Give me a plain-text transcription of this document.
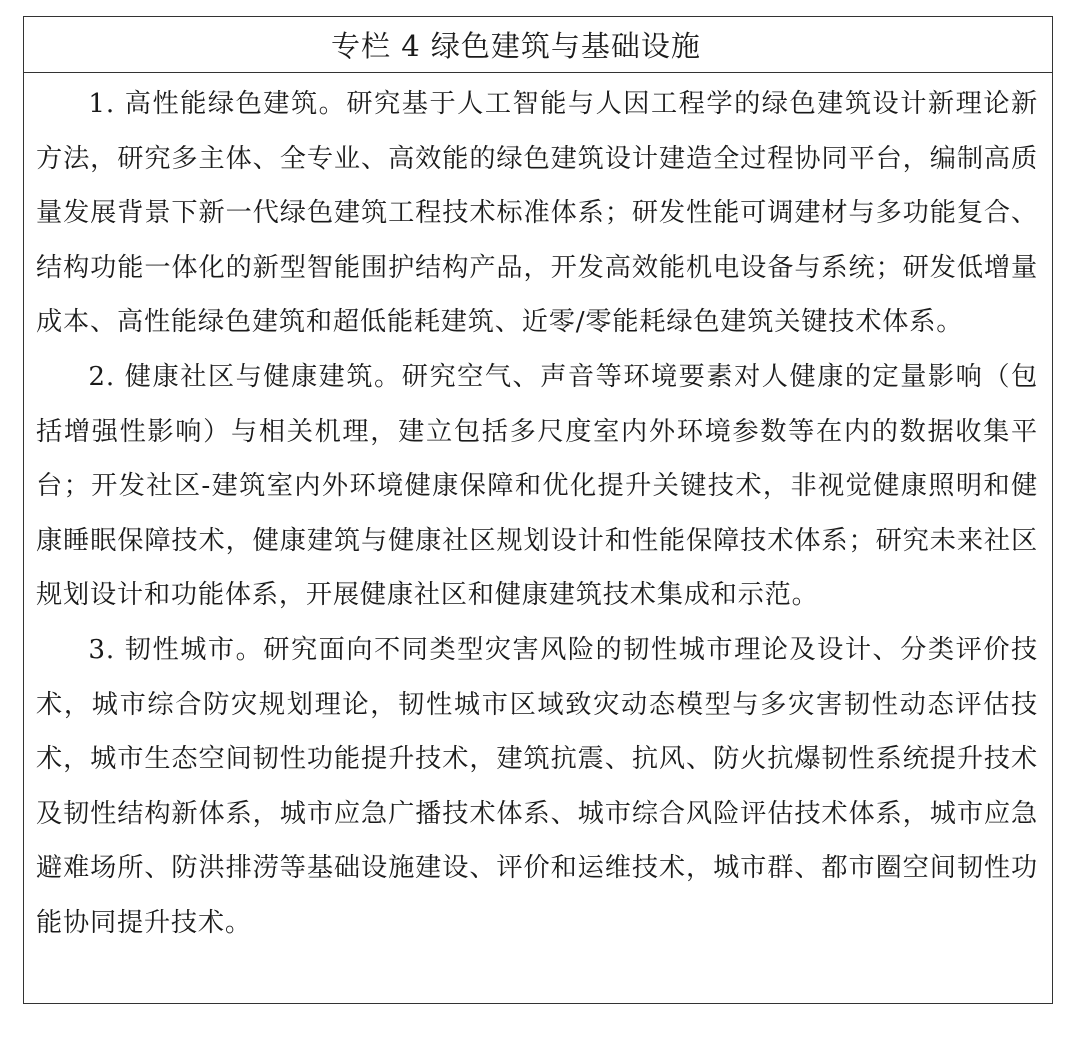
专栏 4 绿色建筑与基础设施

1. 高性能绿色建筑。研究基于人工智能与人因工程学的绿色建筑设计新理论新方法，研究多主体、全专业、高效能的绿色建筑设计建造全过程协同平台，编制高质量发展背景下新一代绿色建筑工程技术标准体系；研发性能可调建材与多功能复合、结构功能一体化的新型智能围护结构产品，开发高效能机电设备与系统；研发低增量成本、高性能绿色建筑和超低能耗建筑、近零/零能耗绿色建筑关键技术体系。

2. 健康社区与健康建筑。研究空气、声音等环境要素对人健康的定量影响（包括增强性影响）与相关机理，建立包括多尺度室内外环境参数等在内的数据收集平台；开发社区-建筑室内外环境健康保障和优化提升关键技术，非视觉健康照明和健康睡眠保障技术，健康建筑与健康社区规划设计和性能保障技术体系；研究未来社区规划设计和功能体系，开展健康社区和健康建筑技术集成和示范。

3. 韧性城市。研究面向不同类型灾害风险的韧性城市理论及设计、分类评价技术，城市综合防灾规划理论，韧性城市区域致灾动态模型与多灾害韧性动态评估技术，城市生态空间韧性功能提升技术，建筑抗震、抗风、防火抗爆韧性系统提升技术及韧性结构新体系，城市应急广播技术体系、城市综合风险评估技术体系，城市应急避难场所、防洪排涝等基础设施建设、评价和运维技术，城市群、都市圈空间韧性功能协同提升技术。
